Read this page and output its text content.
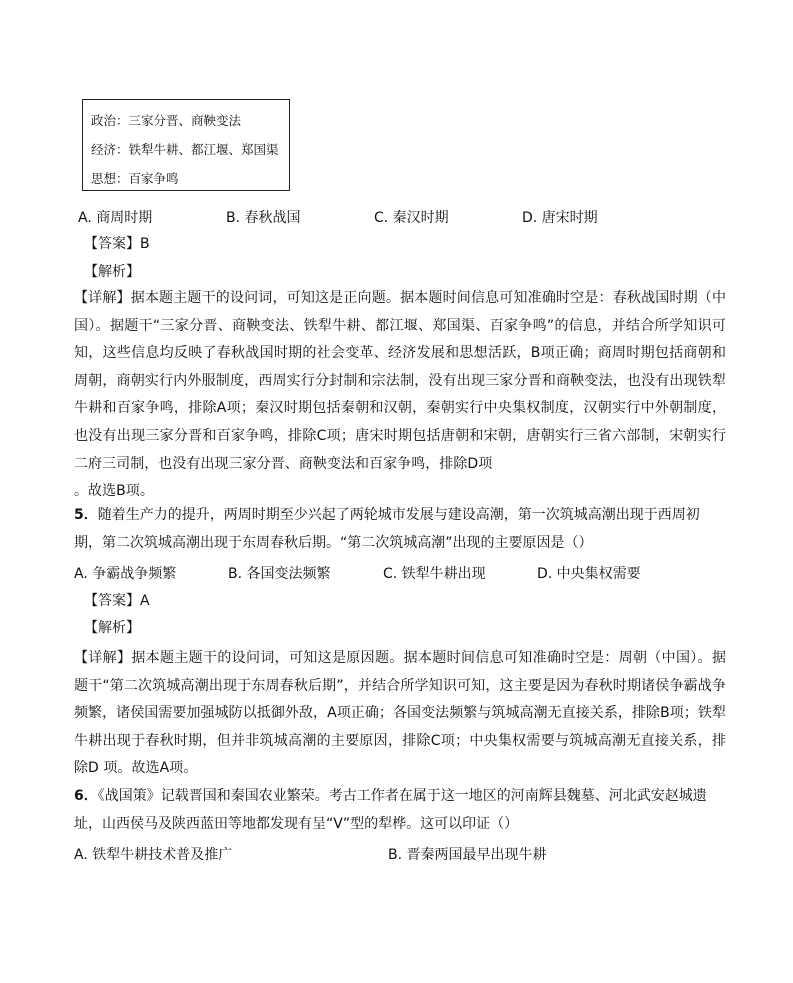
政治：三家分晋、商鞅变法
经济：铁犁牛耕、都江堰、郑国渠
思想：百家争鸣
A. 商周时期	B. 春秋战国	C. 秦汉时期	D. 唐宋时期
【答案】B
【解析】
【详解】据本题主题干的设问词，可知这是正向题。据本题时间信息可知准确时空是：春秋战国时期（中国）。据题干“三家分晋、商鞅变法、铁犁牛耕、都江堰、郑国渠、百家争鸣”的信息，并结合所学知识可知，这些信息均反映了春秋战国时期的社会变革、经济发展和思想活跃，B项正确；商周时期包括商朝和周朝，商朝实行内外服制度，西周实行分封制和宗法制，没有出现三家分晋和商鞅变法，也没有出现铁犁牛耕和百家争鸣，排除A项；秦汉时期包括秦朝和汉朝，秦朝实行中央集权制度，汉朝实行中外朝制度，也没有出现三家分晋和百家争鸣，排除C项；唐宋时期包括唐朝和宋朝，唐朝实行三省六部制，宋朝实行二府三司制，也没有出现三家分晋、商鞅变法和百家争鸣，排除D项
。故选B项。
5．随着生产力的提升，两周时期至少兴起了两轮城市发展与建设高潮，第一次筑城高潮出现于西周初期，第二次筑城高潮出现于东周春秋后期。“第二次筑城高潮”出现的主要原因是（）
A. 争霸战争频繁	B. 各国变法频繁	C. 铁犁牛耕出现	D. 中央集权需要
【答案】A
【解析】
【详解】据本题主题干的设问词，可知这是原因题。据本题时间信息可知准确时空是：周朝（中国）。据题干“第二次筑城高潮出现于东周春秋后期”，并结合所学知识可知，这主要是因为春秋时期诸侯争霸战争频繁，诸侯国需要加强城防以抵御外敌，A项正确；各国变法频繁与筑城高潮无直接关系，排除B项；铁犁牛耕出现于春秋时期，但并非筑城高潮的主要原因，排除C项；中央集权需要与筑城高潮无直接关系，排除D 项。故选A项。
6．《战国策》记载晋国和秦国农业繁荣。考古工作者在属于这一地区的河南辉县魏墓、河北武安赵城遗址，山西侯马及陕西蓝田等地都发现有呈“V”型的犁桦。这可以印证（）
A. 铁犁牛耕技术普及推广	B. 晋秦两国最早出现牛耕
